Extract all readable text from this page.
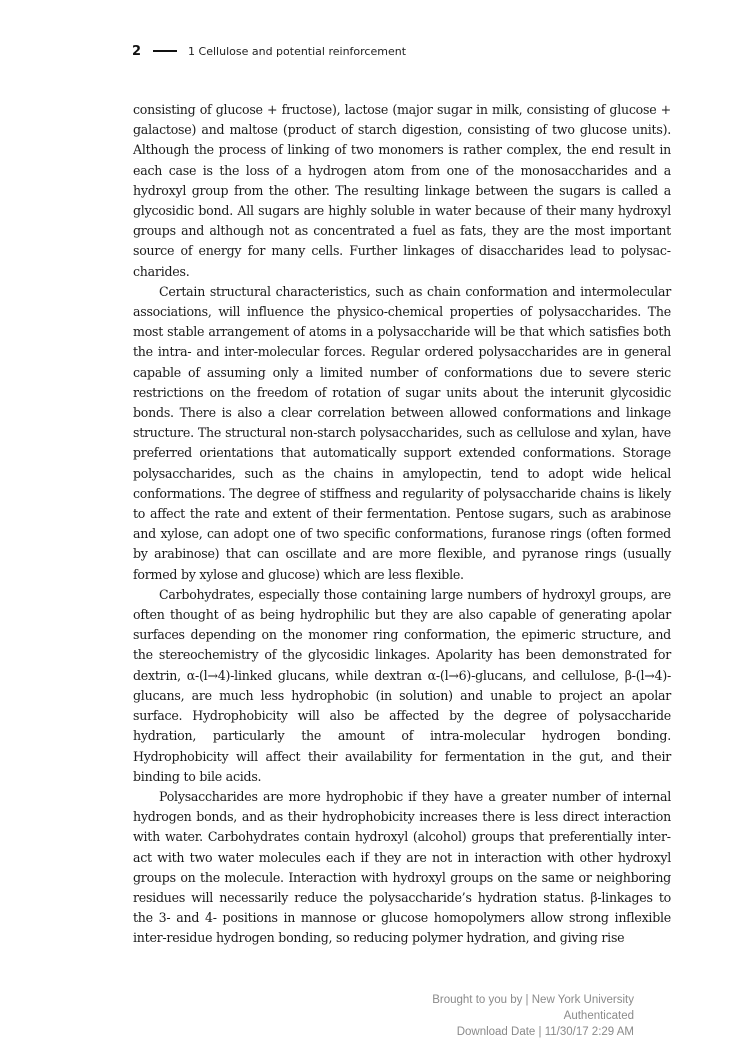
2	1 Cellulose and potential reinforcement

consisting of glucose + fructose), lactose (major sugar in milk, consisting of glucose + galactose) and maltose (product of starch digestion, consisting of two glucose units). Although the process of linking of two monomers is rather complex, the end result in each case is the loss of a hydrogen atom from one of the monosaccharides and a hydroxyl group from the other. The resulting linkage between the sugars is called a glycosidic bond. All sugars are highly soluble in water because of their many hydroxyl groups and although not as concentrated a fuel as fats, they are the most important source of energy for many cells. Further linkages of disaccharides lead to polysaccharides.

Certain structural characteristics, such as chain conformation and intermolecular associations, will influence the physico-chemical properties of polysaccharides. The most stable arrangement of atoms in a polysaccharide will be that which satisfies both the intra- and inter-molecular forces. Regular ordered polysaccharides are in general capable of assuming only a limited number of conformations due to severe steric restrictions on the freedom of rotation of sugar units about the interunit glycosidic bonds. There is also a clear correlation between allowed conformations and linkage structure. The structural non-starch polysaccharides, such as cellulose and xylan, have preferred orientations that automatically support extended conformations. Storage polysaccharides, such as the chains in amylopectin, tend to adopt wide helical conformations. The degree of stiffness and regularity of polysaccharide chains is likely to affect the rate and extent of their fermentation. Pentose sugars, such as arabinose and xylose, can adopt one of two specific conformations, furanose rings (often formed by arabinose) that can oscillate and are more flexible, and pyranose rings (usually formed by xylose and glucose) which are less flexible.

Carbohydrates, especially those containing large numbers of hydroxyl groups, are often thought of as being hydrophilic but they are also capable of generating apolar surfaces depending on the monomer ring conformation, the epimeric structure, and the stereochemistry of the glycosidic linkages. Apolarity has been demonstrated for dextrin, α-(l→4)-linked glucans, while dextran α-(l→6)-glucans, and cellulose, β-(l→4)-glucans, are much less hydrophobic (in solution) and unable to project an apolar surface. Hydrophobicity will also be affected by the degree of polysaccharide hydration, particularly the amount of intra-molecular hydrogen bonding. Hydrophobicity will affect their availability for fermentation in the gut, and their binding to bile acids.

Polysaccharides are more hydrophobic if they have a greater number of internal hydrogen bonds, and as their hydrophobicity increases there is less direct interaction with water. Carbohydrates contain hydroxyl (alcohol) groups that preferentially interact with two water molecules each if they are not in interaction with other hydroxyl groups on the molecule. Interaction with hydroxyl groups on the same or neighboring residues will necessarily reduce the polysaccharide’s hydration status. β-linkages to the 3- and 4- positions in mannose or glucose homopolymers allow strong inflexible inter-residue hydrogen bonding, so reducing polymer hydration, and giving rise

Brought to you by | New York University
Authenticated
Download Date | 11/30/17 2:29 AM
